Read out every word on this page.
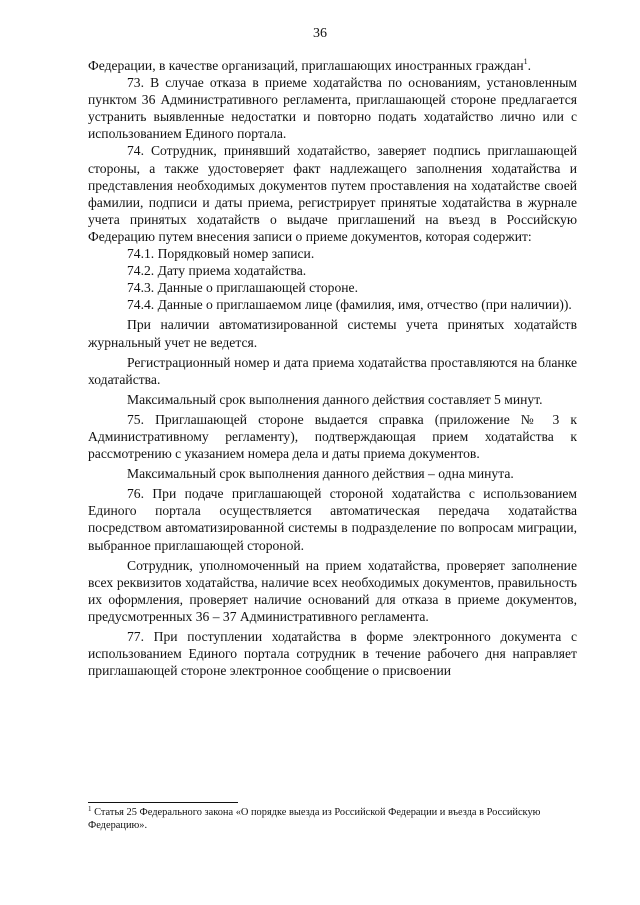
36

Федерации, в качестве организаций, приглашающих иностранных граждан$^1$.

73. В случае отказа в приеме ходатайства по основаниям, установленным пунктом 36 Административного регламента, приглашающей стороне предлагается устранить выявленные недостатки и повторно подать ходатайство лично или с использованием Единого портала.

74. Сотрудник, принявший ходатайство, заверяет подпись приглашающей стороны, а также удостоверяет факт надлежащего заполнения ходатайства и представления необходимых документов путем проставления на ходатайстве своей фамилии, подписи и даты приема, регистрирует принятые ходатайства в журнале учета принятых ходатайств о выдаче приглашений на въезд в Российскую Федерацию путем внесения записи о приеме документов, которая содержит:

74.1. Порядковый номер записи.

74.2. Дату приема ходатайства.

74.3. Данные о приглашающей стороне.

74.4. Данные о приглашаемом лице (фамилия, имя, отчество (при наличии)).

При наличии автоматизированной системы учета принятых ходатайств журнальный учет не ведется.

Регистрационный номер и дата приема ходатайства проставляются на бланке ходатайства.

Максимальный срок выполнения данного действия составляет 5 минут.

75. Приглашающей стороне выдается справка (приложение № 3 к Административному регламенту), подтверждающая прием ходатайства к рассмотрению с указанием номера дела и даты приема документов.

Максимальный срок выполнения данного действия – одна минута.

76. При подаче приглашающей стороной ходатайства с использованием Единого портала осуществляется автоматическая передача ходатайства посредством автоматизированной системы в подразделение по вопросам миграции, выбранное приглашающей стороной.

Сотрудник, уполномоченный на прием ходатайства, проверяет заполнение всех реквизитов ходатайства, наличие всех необходимых документов, правильность их оформления, проверяет наличие оснований для отказа в приеме документов, предусмотренных 36 – 37 Административного регламента.

77. При поступлении ходатайства в форме электронного документа с использованием Единого портала сотрудник в течение рабочего дня направляет приглашающей стороне электронное сообщение о присвоении

$^1$ Статья 25 Федерального закона «О порядке выезда из Российской Федерации и въезда в Российскую Федерацию».
